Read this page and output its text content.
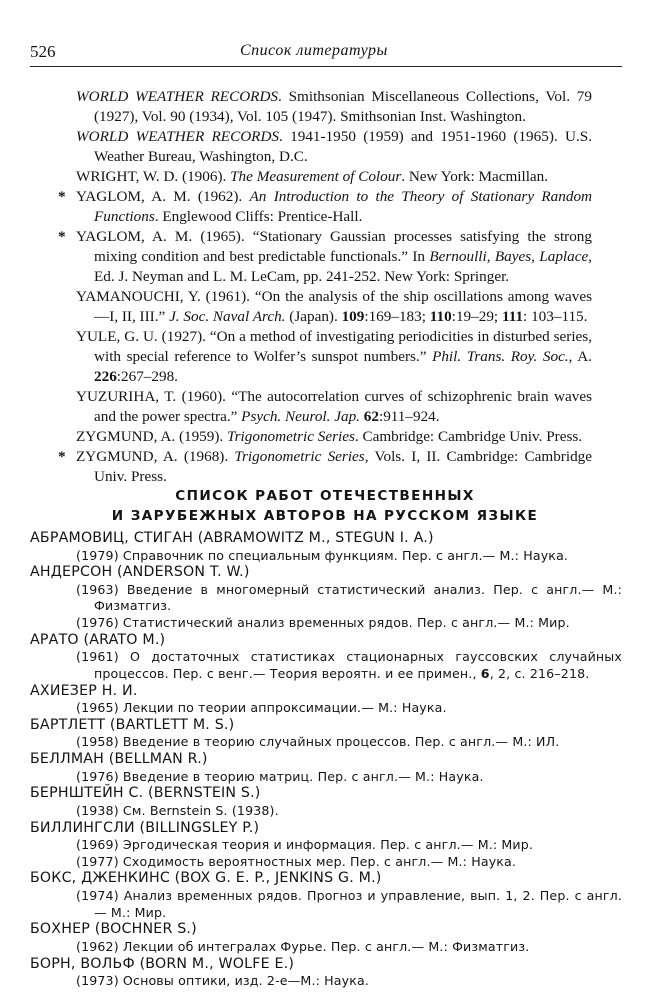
526	Список литературы

WORLD WEATHER RECORDS. Smithsonian Miscellaneous Collections, Vol. 79 (1927), Vol. 90 (1934), Vol. 105 (1947). Smithsonian Inst. Washington.

WORLD WEATHER RECORDS. 1941-1950 (1959) and 1951-1960 (1965). U.S. Weather Bureau, Washington, D.C.

WRIGHT, W. D. (1906). The Measurement of Colour. New York: Macmillan.

* YAGLOM, A. M. (1962). An Introduction to the Theory of Stationary Random Functions. Englewood Cliffs: Prentice-Hall.

* YAGLOM, A. M. (1965). “Stationary Gaussian processes satisfying the strong mixing condition and best predictable functionals.” In Bernoulli, Bayes, Laplace, Ed. J. Neyman and L. M. LeCam, pp. 241-252. New York: Springer.

YAMANOUCHI, Y. (1961). “On the analysis of the ship oscillations among waves—I, II, III.” J. Soc. Naval Arch. (Japan). 109:169–183; 110:19–29; 111: 103–115.

YULE, G. U. (1927). “On a method of investigating periodicities in disturbed series, with special reference to Wolfer’s sunspot numbers.” Phil. Trans. Roy. Soc., A. 226:267–298.

YUZURIHA, T. (1960). “The autocorrelation curves of schizophrenic brain waves and the power spectra.” Psych. Neurol. Jap. 62:911–924.

ZYGMUND, A. (1959). Trigonometric Series. Cambridge: Cambridge Univ. Press.

* ZYGMUND, A. (1968). Trigonometric Series, Vols. I, II. Cambridge: Cambridge Univ. Press.

СПИСОК РАБОТ ОТЕЧЕСТВЕННЫХ
И ЗАРУБЕЖНЫХ АВТОРОВ НА РУССКОМ ЯЗЫКЕ

АБРАМОВИЦ, СТИГАН (ABRAMOWITZ M., STEGUN I. A.)

(1979) Справочник по специальным функциям. Пер. с англ.— М.: Наука.

АНДЕРСОН (ANDERSON T. W.)

(1963) Введение в многомерный статистический анализ. Пер. с англ.— М.: Физматгиз.

(1976) Статистический анализ временных рядов. Пер. с англ.— М.: Мир.

АРАТО (ARATO M.)

(1961) О достаточных статистиках стационарных гауссовских случайных процессов. Пер. с венг.— Теория вероятн. и ее примен., 6, 2, с. 216–218.

АХИЕЗЕР Н. И.

(1965) Лекции по теории аппроксимации.— М.: Наука.

БАРТЛЕТТ (BARTLETT M. S.)

(1958) Введение в теорию случайных процессов. Пер. с англ.— М.: ИЛ.

БЕЛЛМАН (BELLMAN R.)

(1976) Введение в теорию матриц. Пер. с англ.— М.: Наука.

БЕРНШТЕЙН С. (BERNSTEIN S.)

(1938) См. Bernstein S. (1938).

БИЛЛИНГСЛИ (BILLINGSLEY P.)

(1969) Эргодическая теория и информация. Пер. с англ.— М.: Мир.

(1977) Сходимость вероятностных мер. Пер. с англ.— М.: Наука.

БОКС, ДЖЕНКИНС (BOX G. E. P., JENKINS G. M.)

(1974) Анализ временных рядов. Прогноз и управление, вып. 1, 2. Пер. с англ.— М.: Мир.

БОХНЕР (BOCHNER S.)

(1962) Лекции об интегралах Фурье. Пер. с англ.— М.: Физматгиз.

БОРН, ВОЛЬФ (BORN M., WOLFE E.)

(1973) Основы оптики, изд. 2-е—М.: Наука.
